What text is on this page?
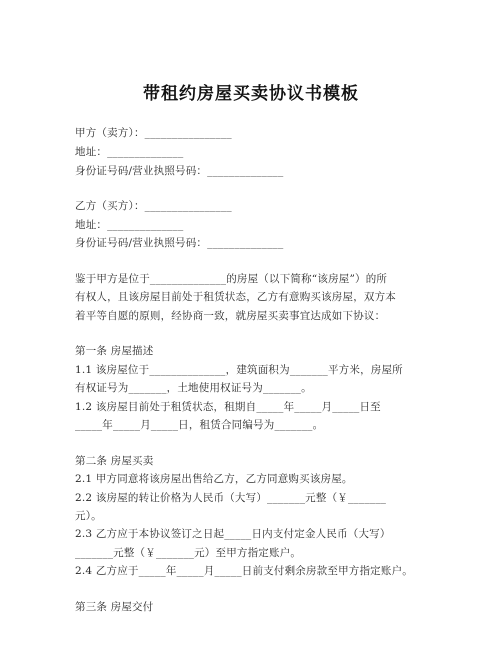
带租约房屋买卖协议书模板
甲方（卖方）：________________
地址：______________
身份证号码/营业执照号码：______________
乙方（买方）：________________
地址：______________
身份证号码/营业执照号码：______________
鉴于甲方是位于______________的房屋（以下简称“该房屋”）的所
有权人，且该房屋目前处于租赁状态，乙方有意购买该房屋，双方本
着平等自愿的原则，经协商一致，就房屋买卖事宜达成如下协议：
第一条 房屋描述
1.1 该房屋位于______________，建筑面积为_______平方米，房屋所
有权证号为_______，土地使用权证号为_______。
1.2 该房屋目前处于租赁状态，租期自_____年_____月_____日至
_____年_____月_____日，租赁合同编号为_______。
第二条 房屋买卖
2.1 甲方同意将该房屋出售给乙方，乙方同意购买该房屋。
2.2 该房屋的转让价格为人民币（大写）_______元整（￥_______
元）。
2.3 乙方应于本协议签订之日起_____日内支付定金人民币（大写）
_______元整（￥_______元）至甲方指定账户。
2.4 乙方应于_____年_____月_____日前支付剩余房款至甲方指定账户。
第三条 房屋交付
